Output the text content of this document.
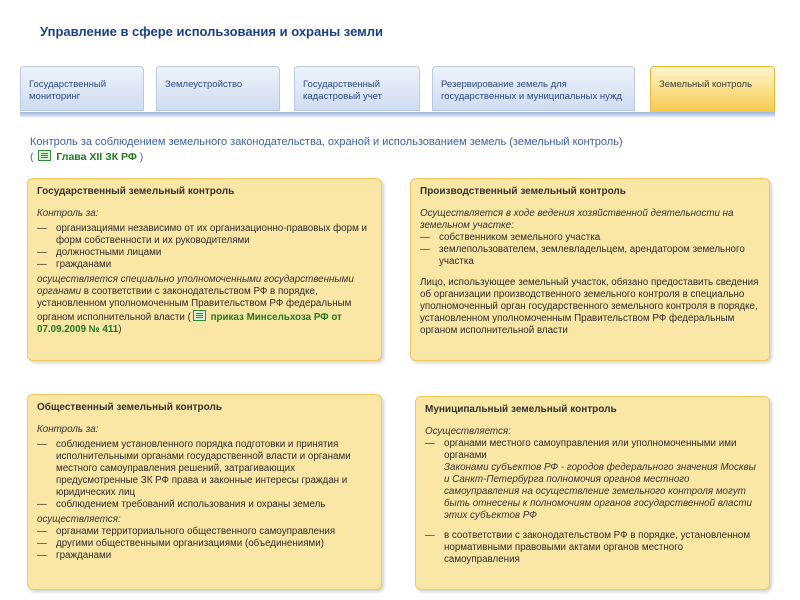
Управление в сфере использования и охраны земли
Государственный мониторинг
Землеустройство	Государственный кадастровый учет
Резервирование земель для государственных и муниципальных нужд
Земельный контроль
Контроль за соблюдением земельного законодательства, охраной и использованием земель (земельный контроль)
( Глава XII ЗК РФ )
Государственный земельный контроль
Контроль за:
— организациями независимо от их организационно-правовых форм и форм собственности и их руководителями
— должностными лицами
— гражданами
осуществляется специально уполномоченными государственными органами в соответствии с законодательством РФ в порядке, установленном уполномоченным Правительством РФ федеральным органом исполнительной власти ( приказ Минсельхоза РФ от 07.09.2009 № 411)
Производственный земельный контроль
Осуществляется в ходе ведения хозяйственной деятельности на земельном участке:
— собственником земельного участка
— землепользователем, землевладельцем, арендатором земельного участка
Лицо, использующее земельный участок, обязано предоставить сведения об организации производственного земельного контроля в специально уполномоченный орган государственного земельного контроля в порядке, установленном уполномоченным Правительством РФ федеральным органом исполнительной власти
Общественный земельный контроль
Контроль за:
— соблюдением установленного порядка подготовки и принятия исполнительными органами государственной власти и органами местного самоуправления решений, затрагивающих предусмотренные ЗК РФ права и законные интересы граждан и юридических лиц
— соблюдением требований использования и охраны земель
осуществляется:
— органами территориального общественного самоуправления
— другими общественными организациями (объединениями)
— гражданами
Муниципальный земельный контроль
Осуществляется:
— органами местного самоуправления или уполномоченными ими органами
Законами субъектов РФ - городов федерального значения Москвы и Санкт-Петербурга полномочия органов местного самоуправления на осуществление земельного контроля могут быть отнесены к полномочиям органов государственной власти этих субъектов РФ
— в соответствии с законодательством РФ в порядке, установленном нормативными правовыми актами органов местного самоуправления
